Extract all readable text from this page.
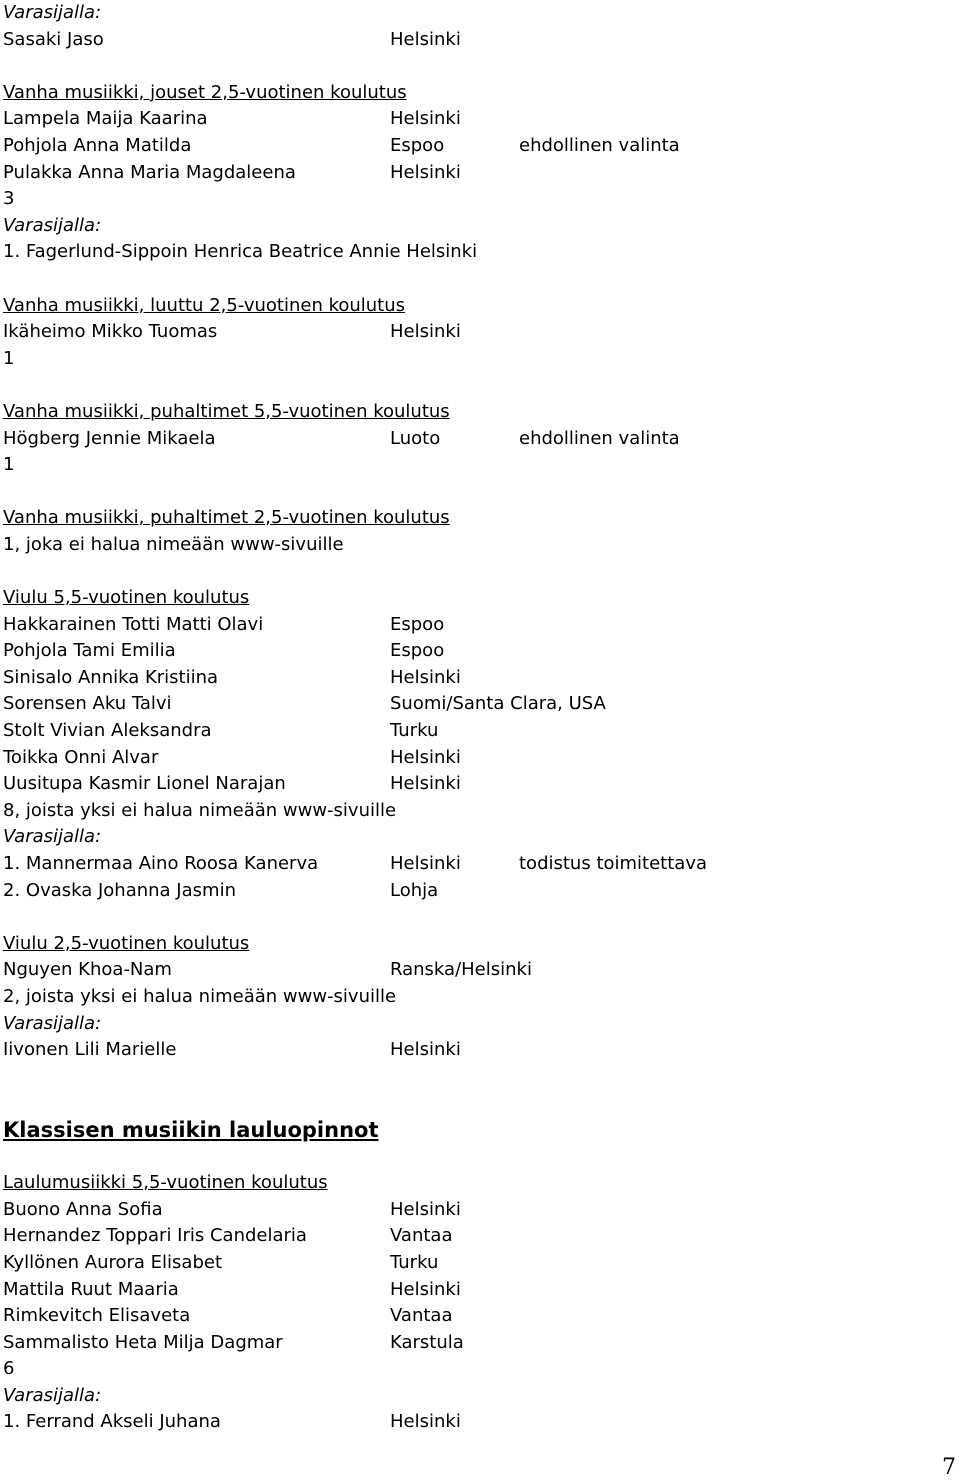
Varasijalla:
Sasaki Jaso	Helsinki
Vanha musiikki, jouset 2,5-vuotinen koulutus
Lampela Maija Kaarina	Helsinki
Pohjola Anna Matilda	Espoo	ehdollinen valinta
Pulakka Anna Maria Magdaleena	Helsinki
3
Varasijalla:
1. Fagerlund-Sippoin Henrica Beatrice Annie Helsinki
Vanha musiikki, luuttu 2,5-vuotinen koulutus
Ikäheimo Mikko Tuomas	Helsinki
1
Vanha musiikki, puhaltimet 5,5-vuotinen koulutus
Högberg Jennie Mikaela	Luoto	ehdollinen valinta
1
Vanha musiikki, puhaltimet 2,5-vuotinen koulutus
1, joka ei halua nimeään www-sivuille
Viulu 5,5-vuotinen koulutus
Hakkarainen Totti Matti Olavi	Espoo
Pohjola Tami Emilia	Espoo
Sinisalo Annika Kristiina	Helsinki
Sorensen Aku Talvi	Suomi/Santa Clara, USA
Stolt Vivian Aleksandra	Turku
Toikka Onni Alvar	Helsinki
Uusitupa Kasmir Lionel Narajan	Helsinki
8, joista yksi ei halua nimeään www-sivuille
Varasijalla:
1. Mannermaa Aino Roosa Kanerva	Helsinki	todistus toimitettava
2. Ovaska Johanna Jasmin	Lohja
Viulu 2,5-vuotinen koulutus
Nguyen Khoa-Nam	Ranska/Helsinki
2, joista yksi ei halua nimeään www-sivuille
Varasijalla:
Iivonen Lili Marielle	Helsinki
Klassisen musiikin lauluopinnot
Laulumusiikki 5,5-vuotinen koulutus
Buono Anna Sofia	Helsinki
Hernandez Toppari Iris Candelaria	Vantaa
Kyllönen Aurora Elisabet	Turku
Mattila Ruut Maaria	Helsinki
Rimkevitch Elisaveta	Vantaa
Sammalisto Heta Milja Dagmar	Karstula
6
Varasijalla:
1. Ferrand Akseli Juhana	Helsinki
7
